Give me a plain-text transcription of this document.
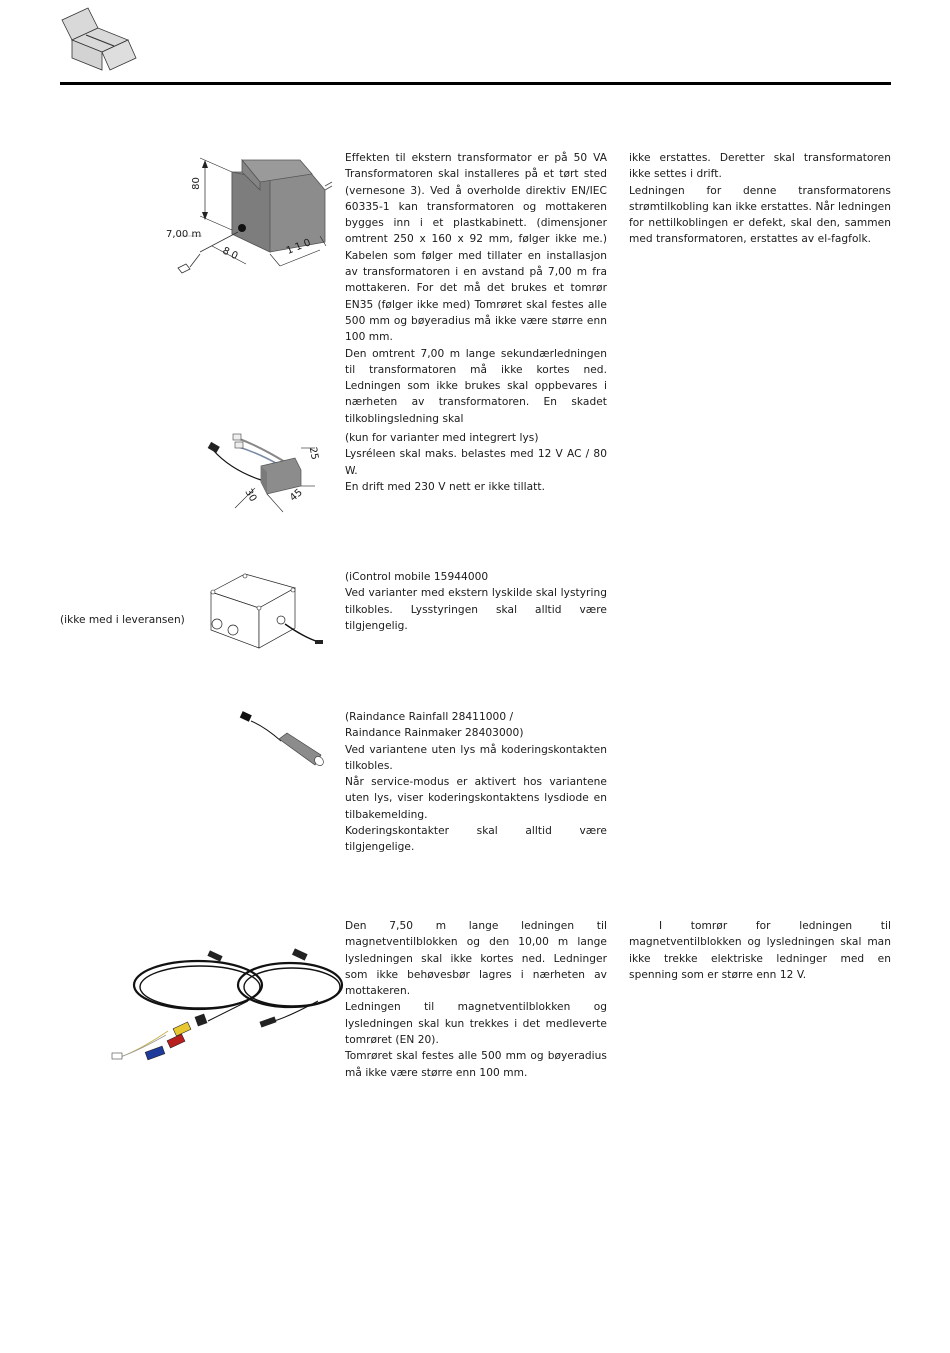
80
7,00 m
80	110

Effekten til ekstern transformator er på 50 VA Transformatoren skal installeres på et tørt sted (vernesone 3). Ved å overholde direktiv EN/IEC 60335-1 kan transformatoren og mottakeren bygges inn i et plastkabinett. (dimensjoner omtrent 250 x 160 x 92 mm, følger ikke me.) Kabelen som følger med tillater en installasjon av transformatoren i en avstand på 7,00 m fra mottakeren. For det må det brukes et tomrør EN35 (følger ikke med) Tomrøret skal festes alle 500 mm og bøyeradius må ikke være større enn 100 mm.

Den omtrent 7,00 m lange sekundærledningen til transformatoren må ikke kortes ned. Ledningen som ikke brukes skal oppbevares i nærheten av transformatoren. En skadet tilkoblingsledning skal

ikke erstattes. Deretter skal transformatoren ikke settes i drift.

Ledningen for denne transformatorens strømtilkobling kan ikke erstattes. Når ledningen for nettilkoblingen er defekt, skal den, sammen med transformatoren, erstattes av el-fagfolk.

25
30	45

(kun for varianter med integrert lys)

Lysréleen skal maks. belastes med 12 V AC / 80 W.

En drift med 230 V nett er ikke tillatt.

(ikke med i leveransen)

(iControl mobile 15944000

Ved varianter med ekstern lyskilde skal lystyring tilkobles. Lysstyringen skal alltid være tilgjengelig.

(Raindance Rainfall 28411000 /

Raindance Rainmaker 28403000)

Ved variantene uten lys må koderingskontakten tilkobles.

Når service-modus er aktivert hos variantene uten lys, viser koderingskontaktens lysdiode en tilbakemelding.

Koderingskontakter skal alltid være tilgjengelige.

Den 7,50 m lange ledningen til magnetventilblokken og den 10,00 m lange lysledningen skal ikke kortes ned. Ledninger som ikke behøvesbør lagres i nærheten av mottakeren.

Ledningen til magnetventilblokken og lysledningen skal kun trekkes i det medleverte tomrøret (EN 20).

Tomrøret skal festes alle 500 mm og bøyeradius må ikke være større enn 100 mm.

I tomrør for ledningen til magnetventilblokken og lysledningen skal man ikke trekke elektriske ledninger med en spenning som er større enn 12 V.
